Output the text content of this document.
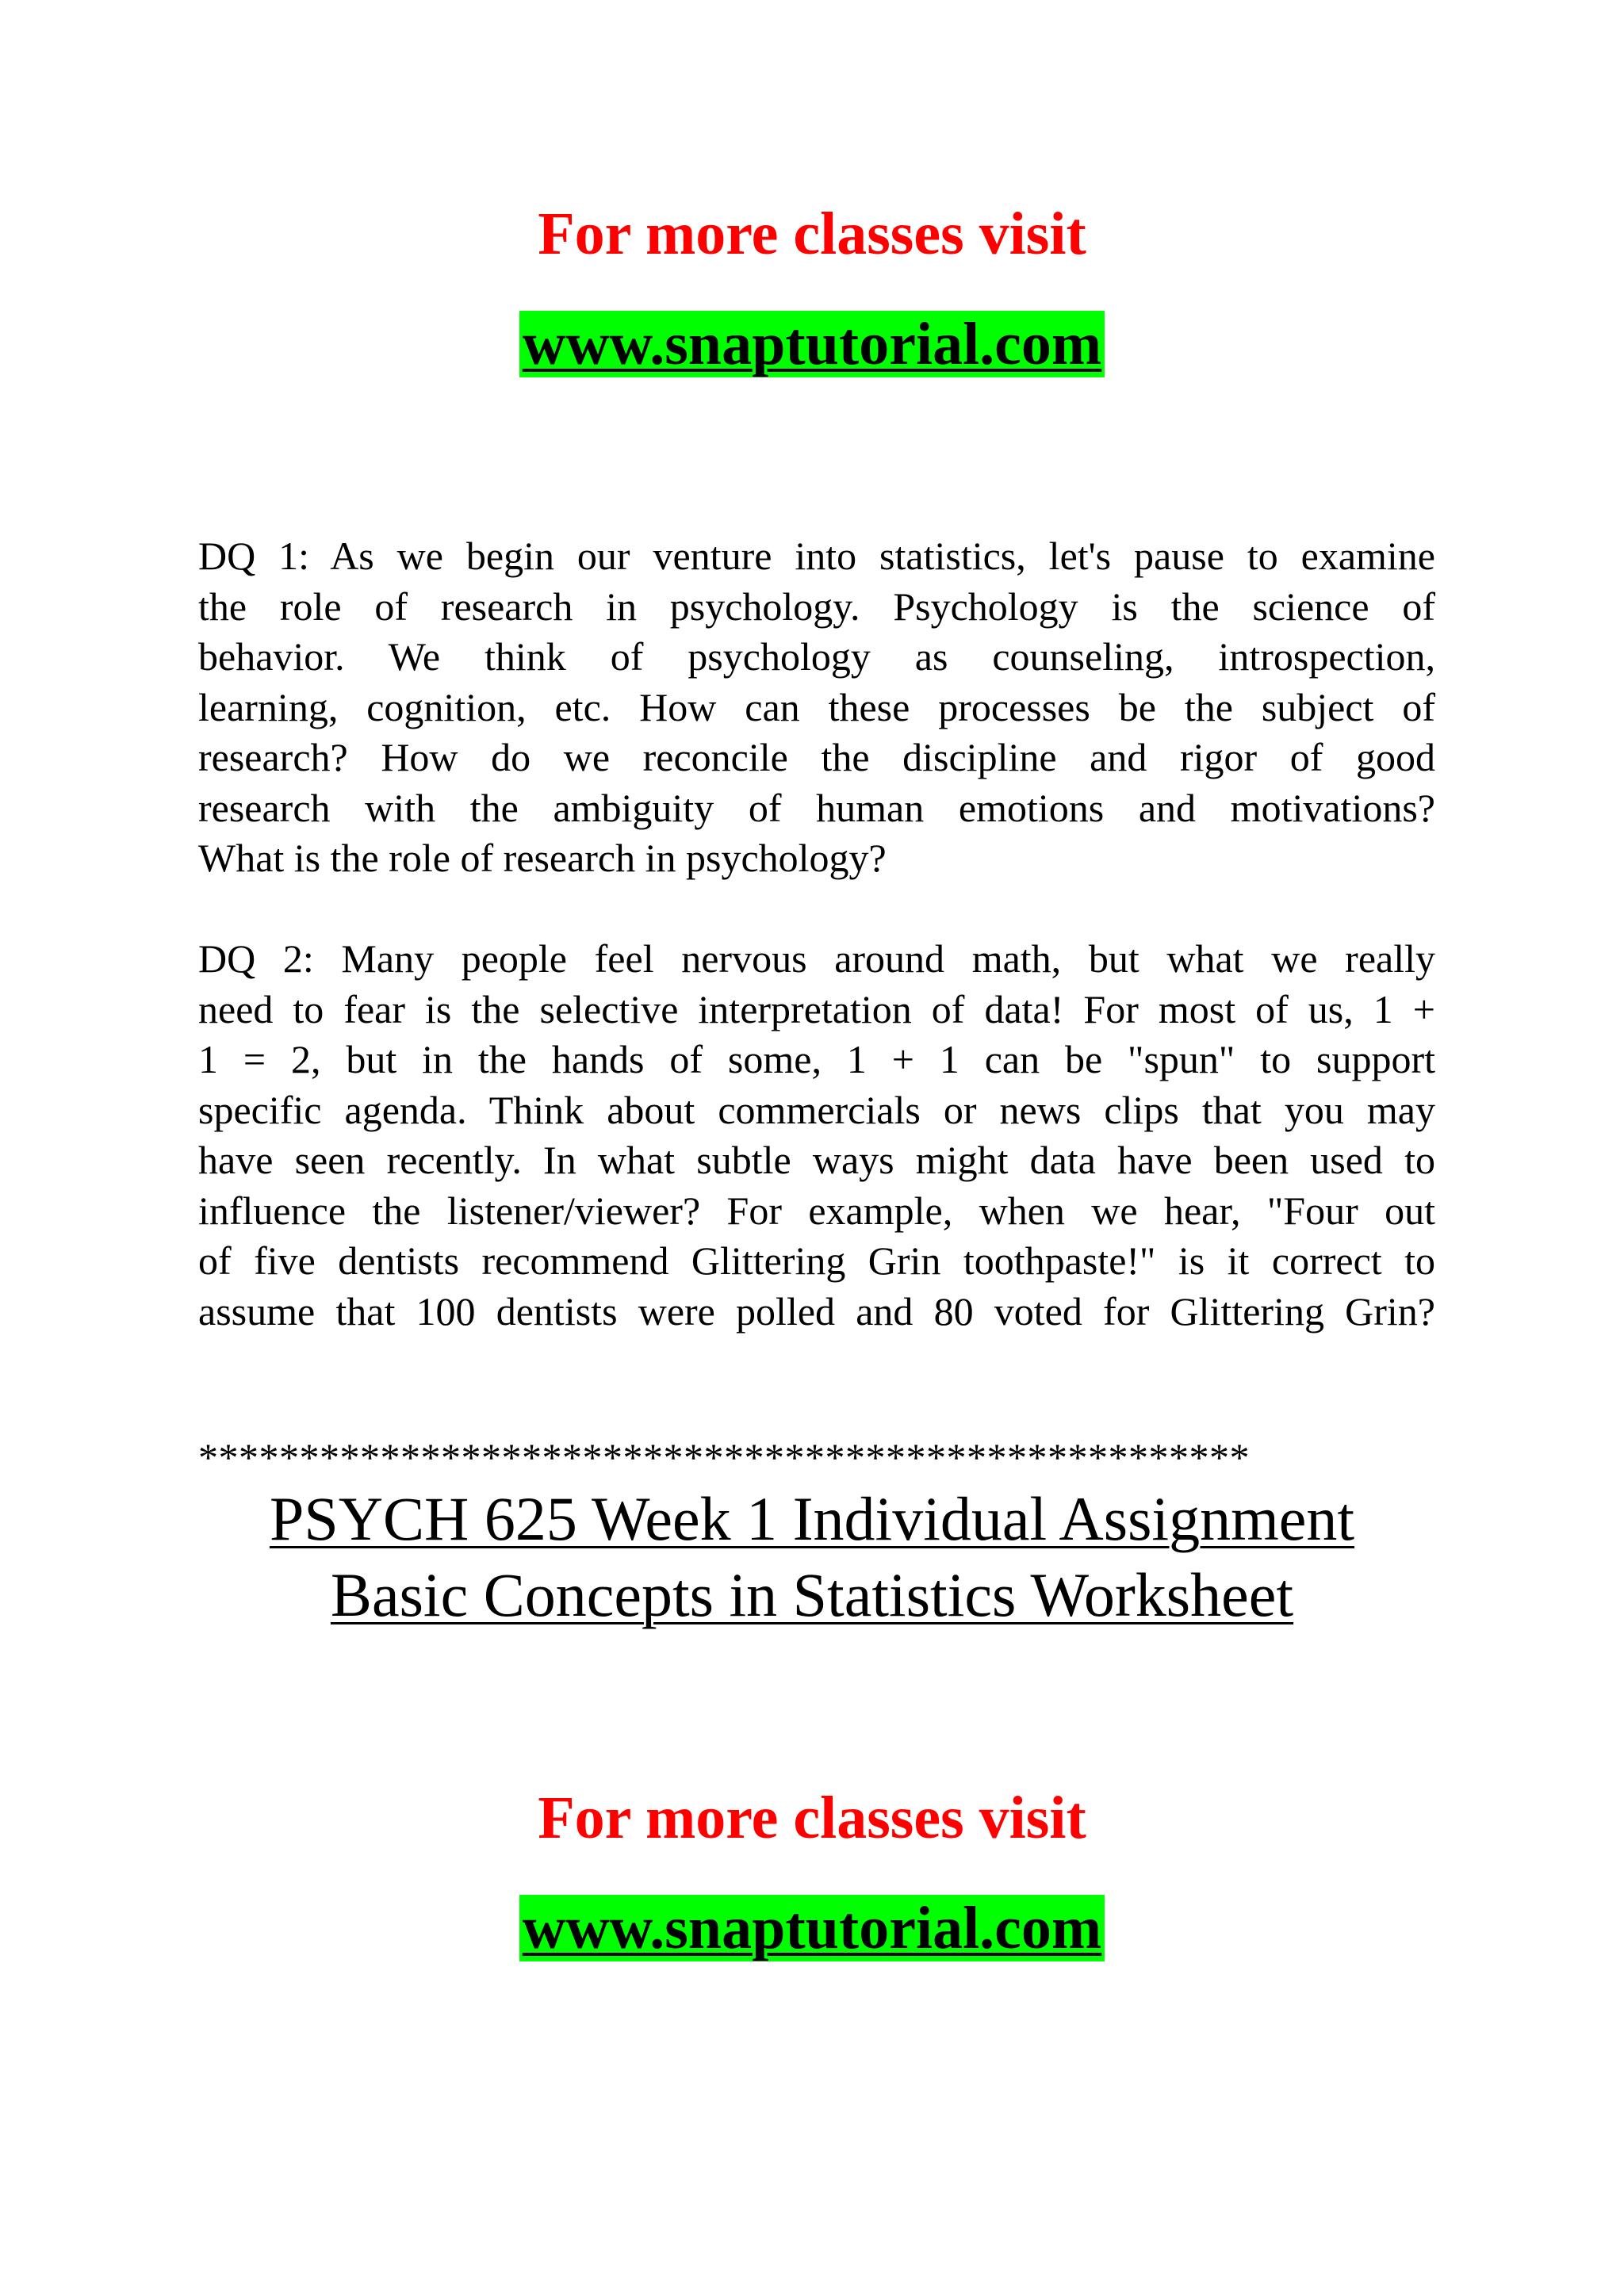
For more classes visit
www.snaptutorial.com
DQ 1: As we begin our venture into statistics, let's pause to examine
the role of research in psychology. Psychology is the science of
behavior. We think of psychology as counseling, introspection,
learning, cognition, etc. How can these processes be the subject of
research? How do we reconcile the discipline and rigor of good
research with the ambiguity of human emotions and motivations?
What is the role of research in psychology?
DQ 2: Many people feel nervous around math, but what we really
need to fear is the selective interpretation of data! For most of us, 1 +
1 = 2, but in the hands of some, 1 + 1 can be "spun" to support
specific agenda. Think about commercials or news clips that you may
have seen recently. In what subtle ways might data have been used to
influence the listener/viewer? For example, when we hear, "Four out
of five dentists recommend Glittering Grin toothpaste!" is it correct to
assume that 100 dentists were polled and 80 voted for Glittering Grin?
****************************************************
PSYCH 625 Week 1 Individual Assignment
Basic Concepts in Statistics Worksheet
For more classes visit
www.snaptutorial.com
